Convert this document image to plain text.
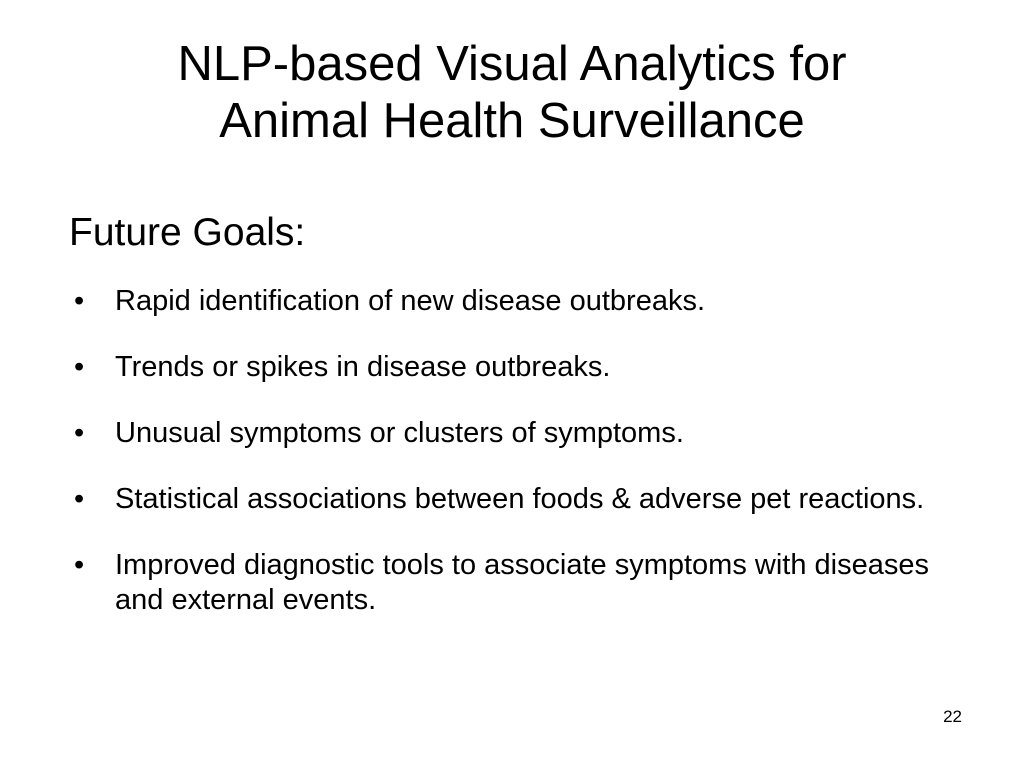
NLP-based Visual Analytics for
Animal Health Surveillance

Future Goals:

• Rapid identification of new disease outbreaks.
• Trends or spikes in disease outbreaks.
• Unusual symptoms or clusters of symptoms.
• Statistical associations between foods & adverse pet reactions.
• Improved diagnostic tools to associate symptoms with diseases and external events.
22
